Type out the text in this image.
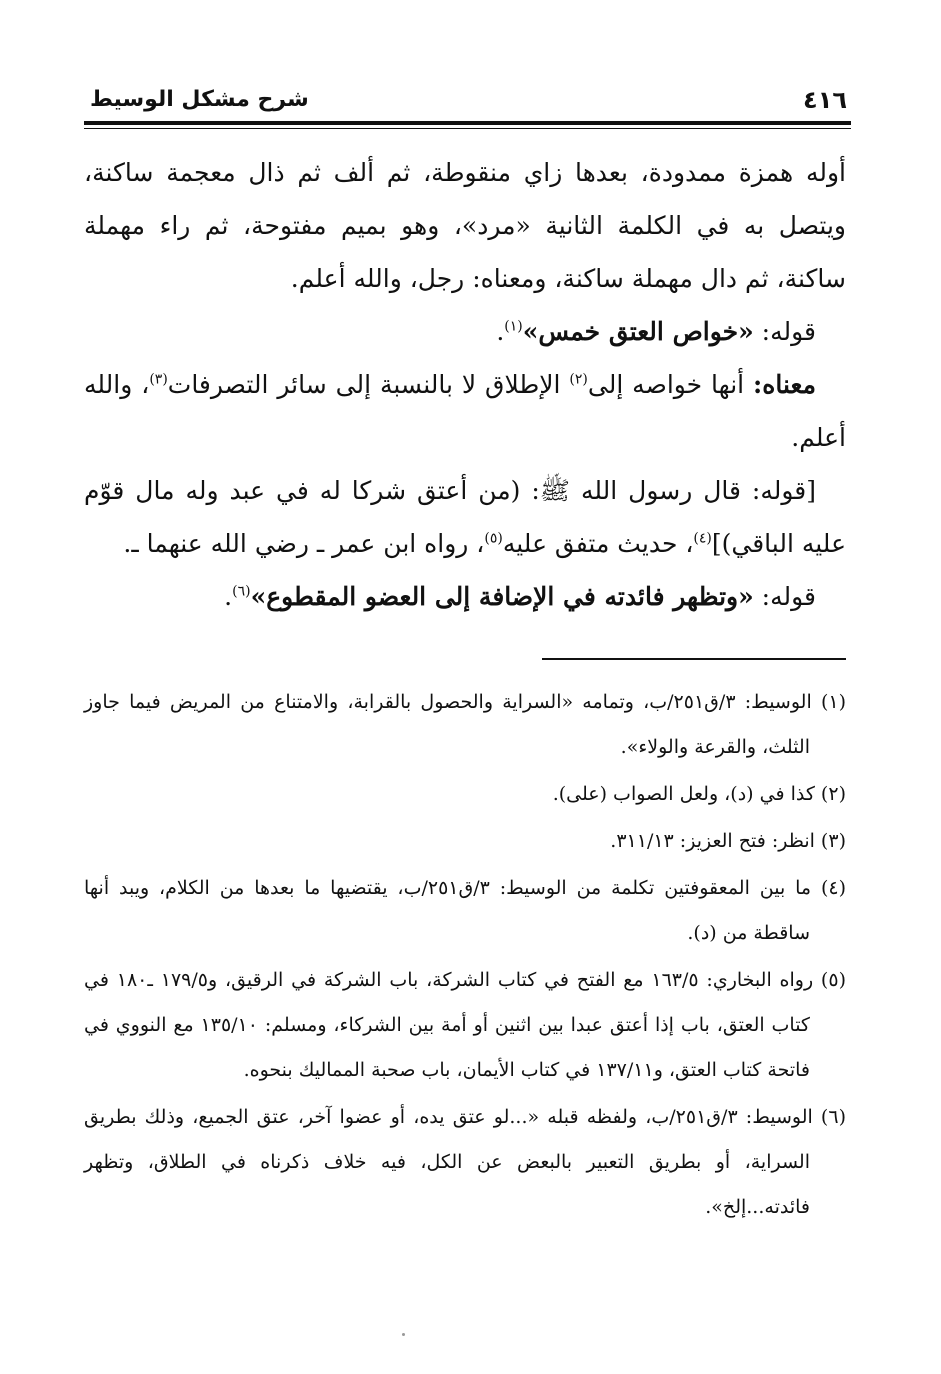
٤١٦
شرح مشكل الوسيط

أوله همزة ممدودة، بعدها زاي منقوطة، ثم ألف ثم ذال معجمة ساكنة، ويتصل به في الكلمة الثانية «مرد»، وهو بميم مفتوحة، ثم راء مهملة ساكنة، ثم دال مهملة ساكنة، ومعناه: رجل، والله أعلم.

قوله: «خواص العتق خمس»$^{(١)}$.

معناه: أنها خواصه إلى$^{(٢)}$ الإطلاق لا بالنسبة إلى سائر التصرفات$^{(٣)}$، والله أعلم.

[قوله: قال رسول الله ﷺ: (من أعتق شركا له في عبد وله مال قوّم عليه الباقي)]$^{(٤)}$، حديث متفق عليه$^{(٥)}$، رواه ابن عمر ـ رضي الله عنهما ـ.

قوله: «وتظهر فائدته في الإضافة إلى العضو المقطوع»$^{(٦)}$.

(١) الوسيط: ٣/ق٢٥١/ب، وتمامه «السراية والحصول بالقرابة، والامتناع من المريض فيما جاوز الثلث، والقرعة والولاء».

(٢) كذا في (د)، ولعل الصواب (على).

(٣) انظر: فتح العزيز: ٣١١/١٣.

(٤) ما بين المعقوفتين تكلمة من الوسيط: ٣/ق٢٥١/ب، يقتضيها ما بعدها من الكلام، ويبد أنها ساقطة من (د).

(٥) رواه البخاري: ١٦٣/٥ مع الفتح في كتاب الشركة، باب الشركة في الرقيق، و١٧٩/٥ ـ١٨٠ في كتاب العتق، باب إذا أعتق عبدا بين اثنين أو أمة بين الشركاء، ومسلم: ١٣٥/١٠ مع النووي في فاتحة كتاب العتق، و١٣٧/١١ في كتاب الأيمان، باب صحبة المماليك بنحوه.

(٦) الوسيط: ٣/ق٢٥١/ب، ولفظه قبله «...لو عتق يده، أو عضوا آخر، عتق الجميع، وذلك بطريق السراية، أو بطريق التعبير بالبعض عن الكل، فيه خلاف ذكرناه في الطلاق، وتظهر فائدته...إلخ».
